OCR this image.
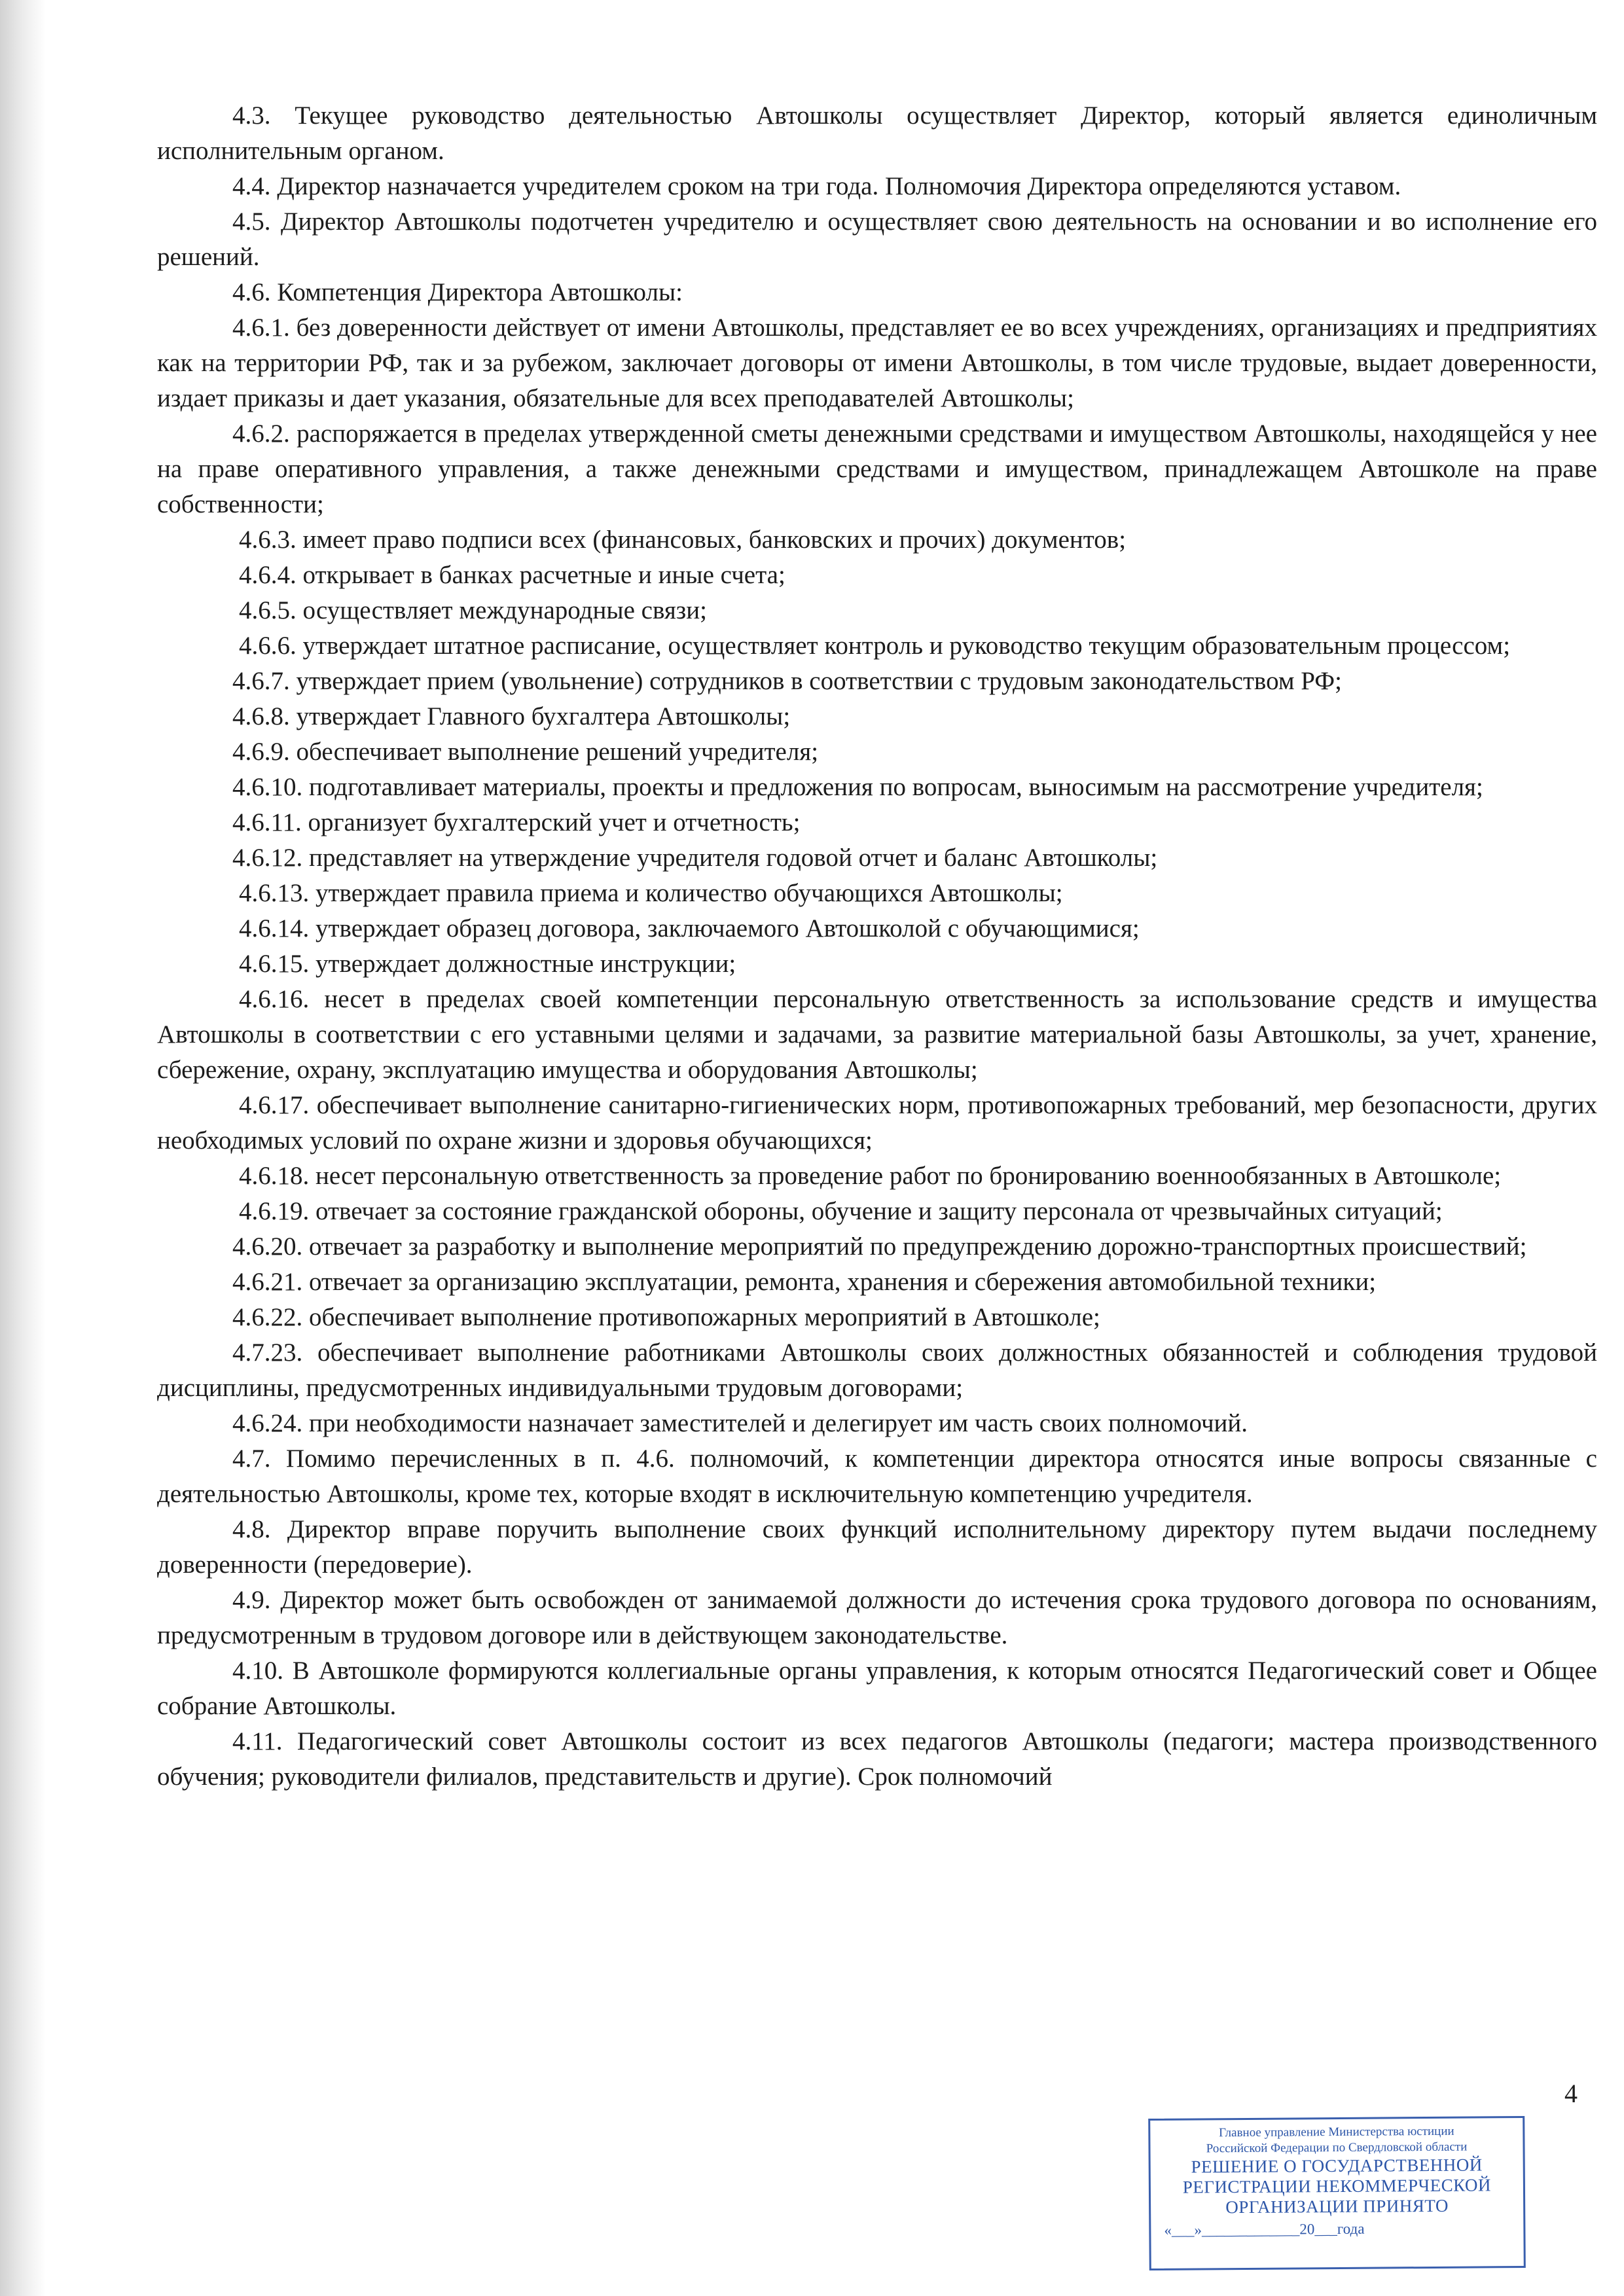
4.3. Текущее руководство деятельностью Автошколы осуществляет Директор, который является единоличным исполнительным органом.

4.4. Директор назначается учредителем сроком на три года. Полномочия Директора определяются уставом.

4.5. Директор Автошколы подотчетен учредителю и осуществляет свою деятельность на основании и во исполнение его решений.

4.6. Компетенция Директора Автошколы:

4.6.1. без доверенности действует от имени Автошколы, представляет ее во всех учреждениях, организациях и предприятиях как на территории РФ, так и за рубежом, заключает договоры от имени Автошколы, в том числе трудовые, выдает доверенности, издает приказы и дает указания, обязательные для всех преподавателей Автошколы;

4.6.2. распоряжается в пределах утвержденной сметы денежными средствами и имуществом Автошколы, находящейся у нее на праве оперативного управления, а также денежными средствами и имуществом, принадлежащем Автошколе на праве собственности;

4.6.3. имеет право подписи всех (финансовых, банковских и прочих) документов;

4.6.4. открывает в банках расчетные и иные счета;

4.6.5. осуществляет международные связи;

4.6.6. утверждает штатное расписание, осуществляет контроль и руководство текущим образовательным процессом;

4.6.7. утверждает прием (увольнение) сотрудников в соответствии с трудовым законодательством РФ;

4.6.8. утверждает Главного бухгалтера Автошколы;

4.6.9. обеспечивает выполнение решений учредителя;

4.6.10. подготавливает материалы, проекты и предложения по вопросам, выносимым на рассмотрение учредителя;

4.6.11. организует бухгалтерский учет и отчетность;

4.6.12. представляет на утверждение учредителя годовой отчет и баланс Автошколы;

4.6.13. утверждает правила приема и количество обучающихся Автошколы;

4.6.14. утверждает образец договора, заключаемого Автошколой с обучающимися;

4.6.15. утверждает должностные инструкции;

4.6.16. несет в пределах своей компетенции персональную ответственность за использование средств и имущества Автошколы в соответствии с его уставными целями и задачами, за развитие материальной базы Автошколы, за учет, хранение, сбережение, охрану, эксплуатацию имущества и оборудования Автошколы;

4.6.17. обеспечивает выполнение санитарно-гигиенических норм, противопожарных требований, мер безопасности, других необходимых условий по охране жизни и здоровья обучающихся;

4.6.18. несет персональную ответственность за проведение работ по бронированию военнообязанных в Автошколе;

4.6.19. отвечает за состояние гражданской обороны, обучение и защиту персонала от чрезвычайных ситуаций;

4.6.20. отвечает за разработку и выполнение мероприятий по предупреждению дорожно-транспортных происшествий;

4.6.21. отвечает за организацию эксплуатации, ремонта, хранения и сбережения автомобильной техники;

4.6.22. обеспечивает выполнение противопожарных мероприятий в Автошколе;

4.7.23. обеспечивает выполнение работниками Автошколы своих должностных обязанностей и соблюдения трудовой дисциплины, предусмотренных индивидуальными трудовым договорами;

4.6.24. при необходимости назначает заместителей и делегирует им часть своих полномочий.

4.7. Помимо перечисленных в п. 4.6. полномочий, к компетенции директора относятся иные вопросы связанные с деятельностью Автошколы, кроме тех, которые входят в исключительную компетенцию учредителя.

4.8. Директор вправе поручить выполнение своих функций исполнительному директору путем выдачи последнему доверенности (передоверие).

4.9. Директор может быть освобожден от занимаемой должности до истечения срока трудового договора по основаниям, предусмотренным в трудовом договоре или в действующем законодательстве.

4.10. В Автошколе формируются коллегиальные органы управления, к которым относятся Педагогический совет и Общее собрание Автошколы.

4.11. Педагогический совет Автошколы состоит из всех педагогов Автошколы (педагоги; мастера производственного обучения; руководители филиалов, представительств и другие). Срок полномочий

4
Главное управление Министерства юстиции
Российской Федерации по Свердловской области
РЕШЕНИЕ О ГОСУДАРСТВЕННОЙ
РЕГИСТРАЦИИ НЕКОММЕРЧЕСКОЙ
ОРГАНИЗАЦИИ ПРИНЯТО
«___»_____________20___года
